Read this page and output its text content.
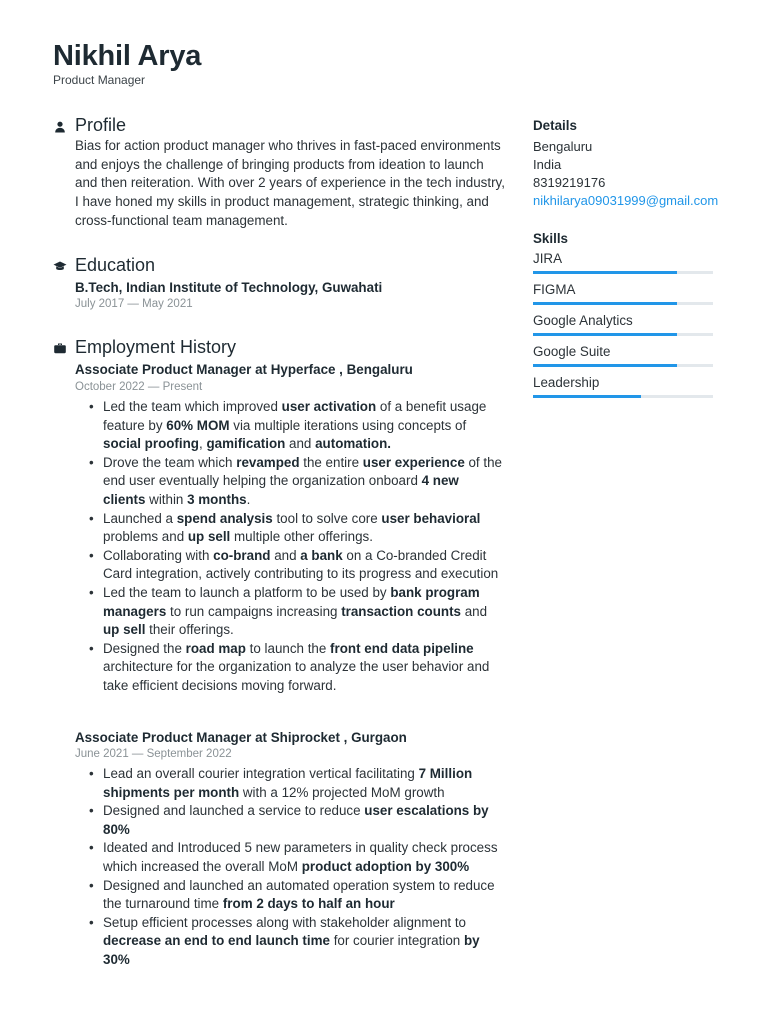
Nikhil Arya
Product Manager
Profile
Bias for action product manager who thrives in fast-paced environments and enjoys the challenge of bringing products from ideation to launch and then reiteration. With over 2 years of experience in the tech industry, I have honed my skills in product management, strategic thinking, and cross-functional team management.
Education
B.Tech, Indian Institute of Technology, Guwahati
July 2017 — May 2021
Employment History
Associate Product Manager at Hyperface , Bengaluru
October 2022 — Present
• Led the team which improved user activation of a benefit usage feature by 60% MOM via multiple iterations using concepts of social proofing, gamification and automation.
• Drove the team which revamped the entire user experience of the end user eventually helping the organization onboard 4 new clients within 3 months.
• Launched a spend analysis tool to solve core user behavioral problems and up sell multiple other offerings.
• Collaborating with co-brand and a bank on a Co-branded Credit Card integration, actively contributing to its progress and execution
• Led the team to launch a platform to be used by bank program managers to run campaigns increasing transaction counts and up sell their offerings.
• Designed the road map to launch the front end data pipeline architecture for the organization to analyze the user behavior and take efficient decisions moving forward.
Associate Product Manager at Shiprocket , Gurgaon
June 2021 — September 2022
• Lead an overall courier integration vertical facilitating 7 Million shipments per month with a 12% projected MoM growth
• Designed and launched a service to reduce user escalations by 80%
• Ideated and Introduced 5 new parameters in quality check process which increased the overall MoM product adoption by 300%
• Designed and launched an automated operation system to reduce the turnaround time from 2 days to half an hour
• Setup efficient processes along with stakeholder alignment to decrease an end to end launch time for courier integration by 30%
Details
Bengaluru
India
8319219176
nikhilarya09031999@gmail.com
Skills
JIRA
FIGMA
Google Analytics
Google Suite
Leadership
